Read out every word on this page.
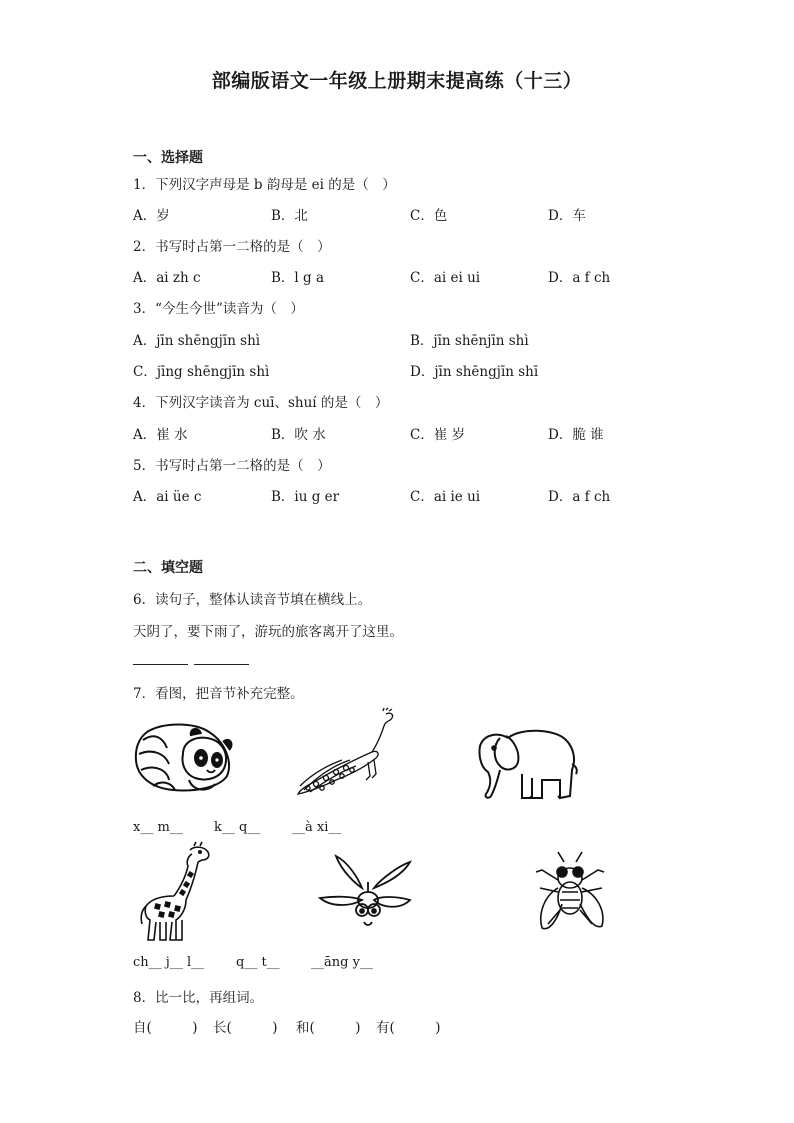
部编版语文一年级上册期末提高练（十三）
一、选择题
1．下列汉字声母是 b 韵母是 ei 的是（　）
A．岁	B．北	C．色	D．车
2．书写时占第一二格的是（　）
A．ai zh c	B．l g a	C．ai ei ui	D．a f ch
3．“今生今世”读音为（　）
A．jīn shēngjīn shì	B．jīn shēnjīn shì
C．jīng shēngjīn shì	D．jīn shēngjīn shī
4．下列汉字读音为 cuī、shuí 的是（　）
A．崔 水	B．吹 水	C．崔 岁	D．脆 谁
5．书写时占第一二格的是（　）
A．ai üe c	B．iu g er	C．ai ie ui	D．a f ch
二、填空题
6．读句子，整体认读音节填在横线上。
天阴了，要下雨了，游玩的旅客离开了这里。
7．看图，把音节补充完整。
x__ m__ k__ q__ __à xi__
ch__ j__ l__ q__ t__ __āng y__
8．比一比，再组词。
自(　　　) 长(　　　) 和(　　　) 有(　　　)
